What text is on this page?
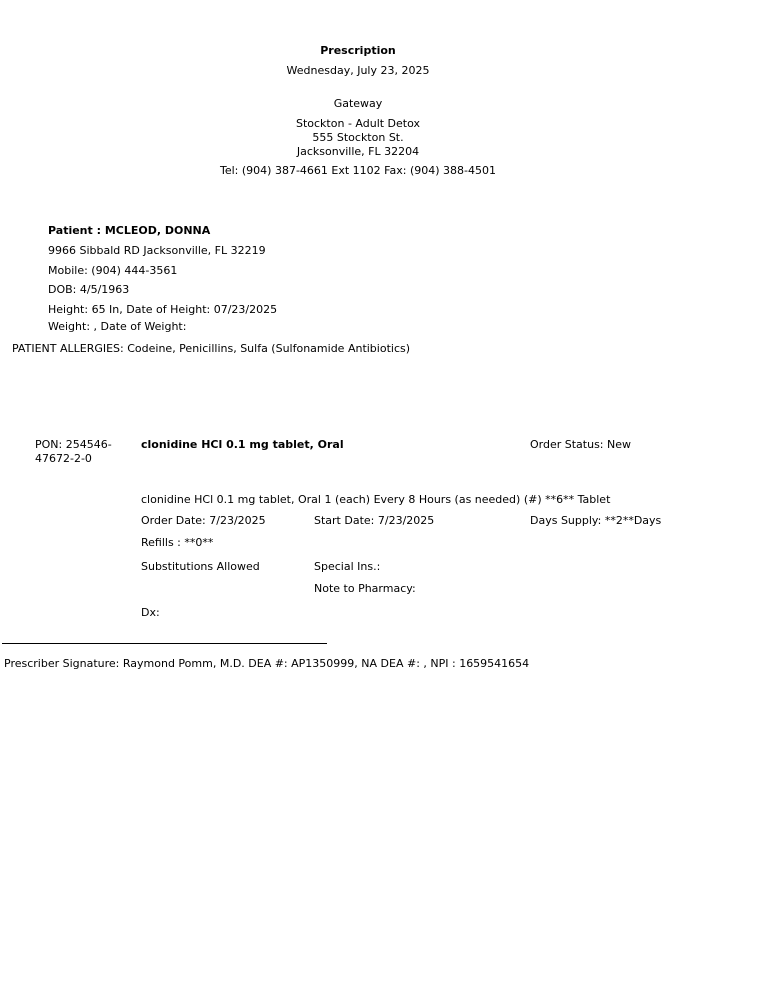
Prescription
Wednesday, July 23, 2025
Gateway
Stockton - Adult Detox
555 Stockton St.
Jacksonville, FL 32204
Tel: (904) 387-4661 Ext 1102 Fax: (904) 388-4501
Patient : MCLEOD, DONNA
9966 Sibbald RD Jacksonville, FL 32219
Mobile: (904) 444-3561
DOB: 4/5/1963
Height: 65 In, Date of Height: 07/23/2025
Weight: , Date of Weight:
PATIENT ALLERGIES: Codeine, Penicillins, Sulfa (Sulfonamide Antibiotics)
PON: 254546-
47672-2-0
clonidine HCl 0.1 mg tablet, Oral	Order Status: New
clonidine HCl 0.1 mg tablet, Oral 1 (each) Every 8 Hours (as needed) (#) **6** Tablet
Order Date: 7/23/2025	Start Date: 7/23/2025	Days Supply: **2**Days
Refills : **0**
Substitutions Allowed	Special Ins.:
Note to Pharmacy:
Dx:
Prescriber Signature: Raymond Pomm, M.D. DEA #: AP1350999, NA DEA #: , NPI : 1659541654
